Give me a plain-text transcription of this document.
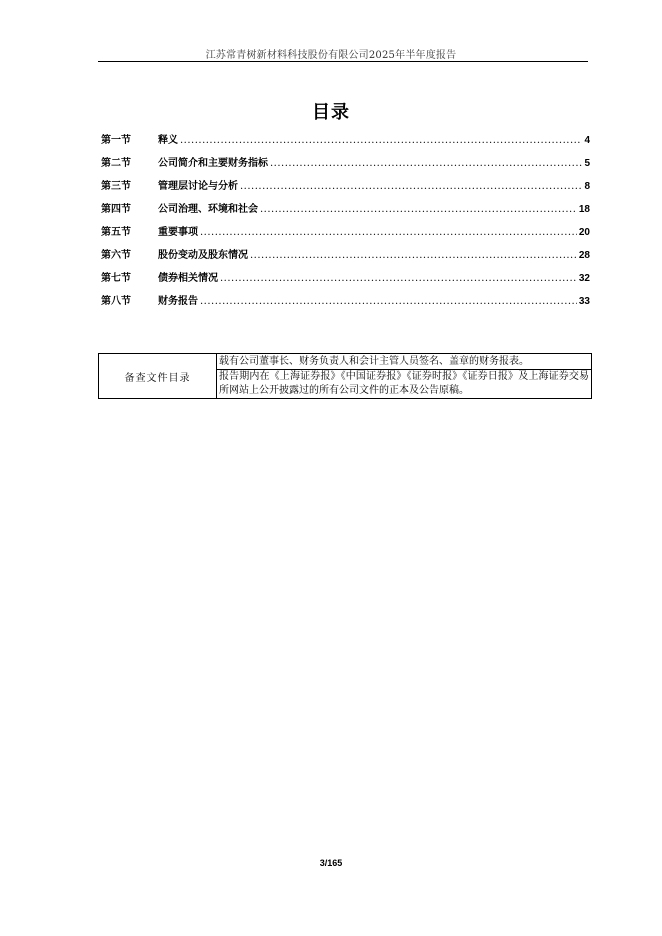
江苏常青树新材料科技股份有限公司2025年半年度报告
目录
第一节	释义 .....	4
第二节	公司简介和主要财务指标 .....	5
第三节	管理层讨论与分析 .....	8
第四节	公司治理、环境和社会 .....	18
第五节	重要事项 .....	20
第六节	股份变动及股东情况 .....	28
第七节	债券相关情况 .....	32
第八节	财务报告 .....	33
备查文件目录	载有公司董事长、财务负责人和会计主管人员签名、盖章的财务报表。
报告期内在《上海证券报》《中国证券报》《证券时报》《证券日报》及上海证券交易所网站上公开披露过的所有公司文件的正本及公告原稿。
3/165
